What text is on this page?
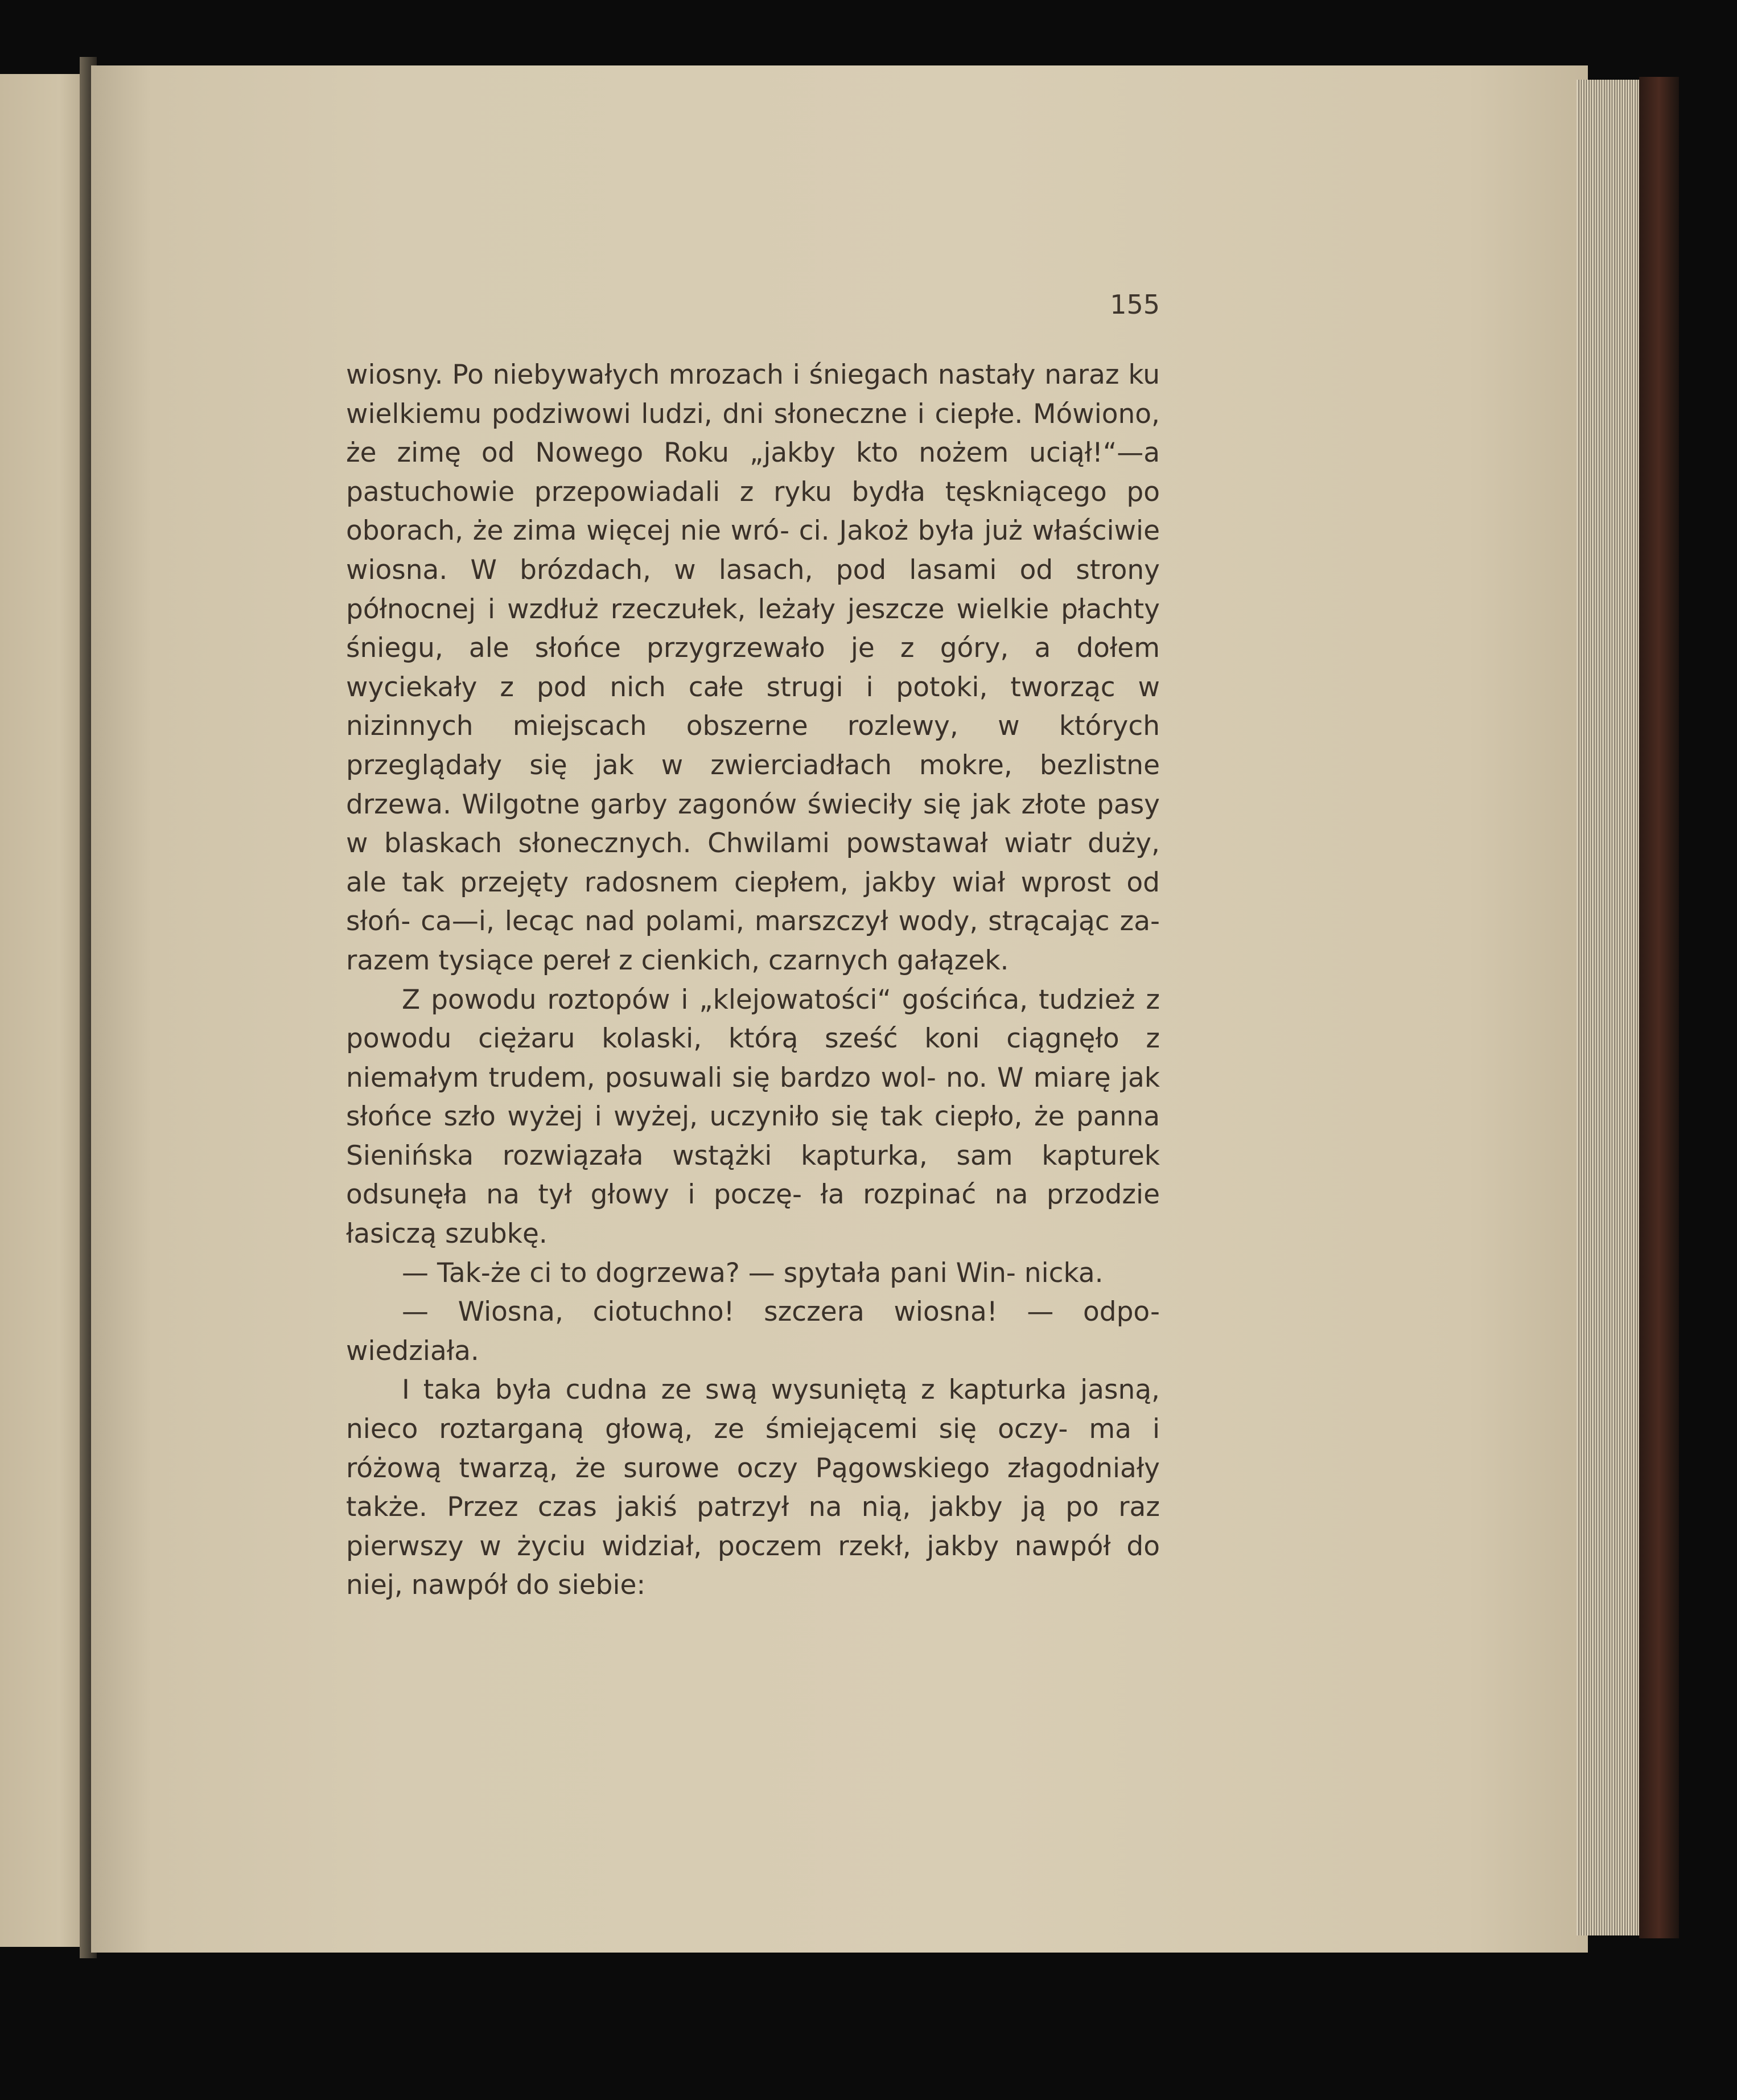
155

wiosny. Po niebywałych mrozach i śniegach nastały naraz ku wielkiemu podziwowi ludzi, dni słoneczne i ciepłe. Mówiono, że zimę od Nowego Roku „jakby kto nożem uciął!“—a pastuchowie przepowiadali z ryku bydła tęskniącego po oborach, że zima więcej nie wró- ci. Jakoż była już właściwie wiosna. W brózdach, w lasach, pod lasami od strony północnej i wzdłuż rzeczułek, leżały jeszcze wielkie płachty śniegu, ale słońce przygrzewało je z góry, a dołem wyciekały z pod nich całe strugi i potoki, tworząc w nizinnych miejscach obszerne rozlewy, w których przeglądały się jak w zwierciadłach mokre, bezlistne drzewa. Wilgotne garby zagonów świeciły się jak złote pasy w blaskach słonecznych. Chwilami powstawał wiatr duży, ale tak przejęty radosnem ciepłem, jakby wiał wprost od słoń- ca—i, lecąc nad polami, marszczył wody, strącając za- razem tysiące pereł z cienkich, czarnych gałązek.

Z powodu roztopów i „klejowatości“ gościńca, tudzież z powodu ciężaru kolaski, którą sześć koni ciągnęło z niemałym trudem, posuwali się bardzo wol- no. W miarę jak słońce szło wyżej i wyżej, uczyniło się tak ciepło, że panna Sienińska rozwiązała wstążki kapturka, sam kapturek odsunęła na tył głowy i poczę- ła rozpinać na przodzie łasiczą szubkę.

— Tak-że ci to dogrzewa? — spytała pani Win- nicka.

— Wiosna, ciotuchno! szczera wiosna! — odpo- wiedziała.

I taka była cudna ze swą wysuniętą z kapturka jasną, nieco roztarganą głową, ze śmiejącemi się oczy- ma i różową twarzą, że surowe oczy Pągowskiego złagodniały także. Przez czas jakiś patrzył na nią, jakby ją po raz pierwszy w życiu widział, poczem rzekł, jakby nawpół do niej, nawpół do siebie:
